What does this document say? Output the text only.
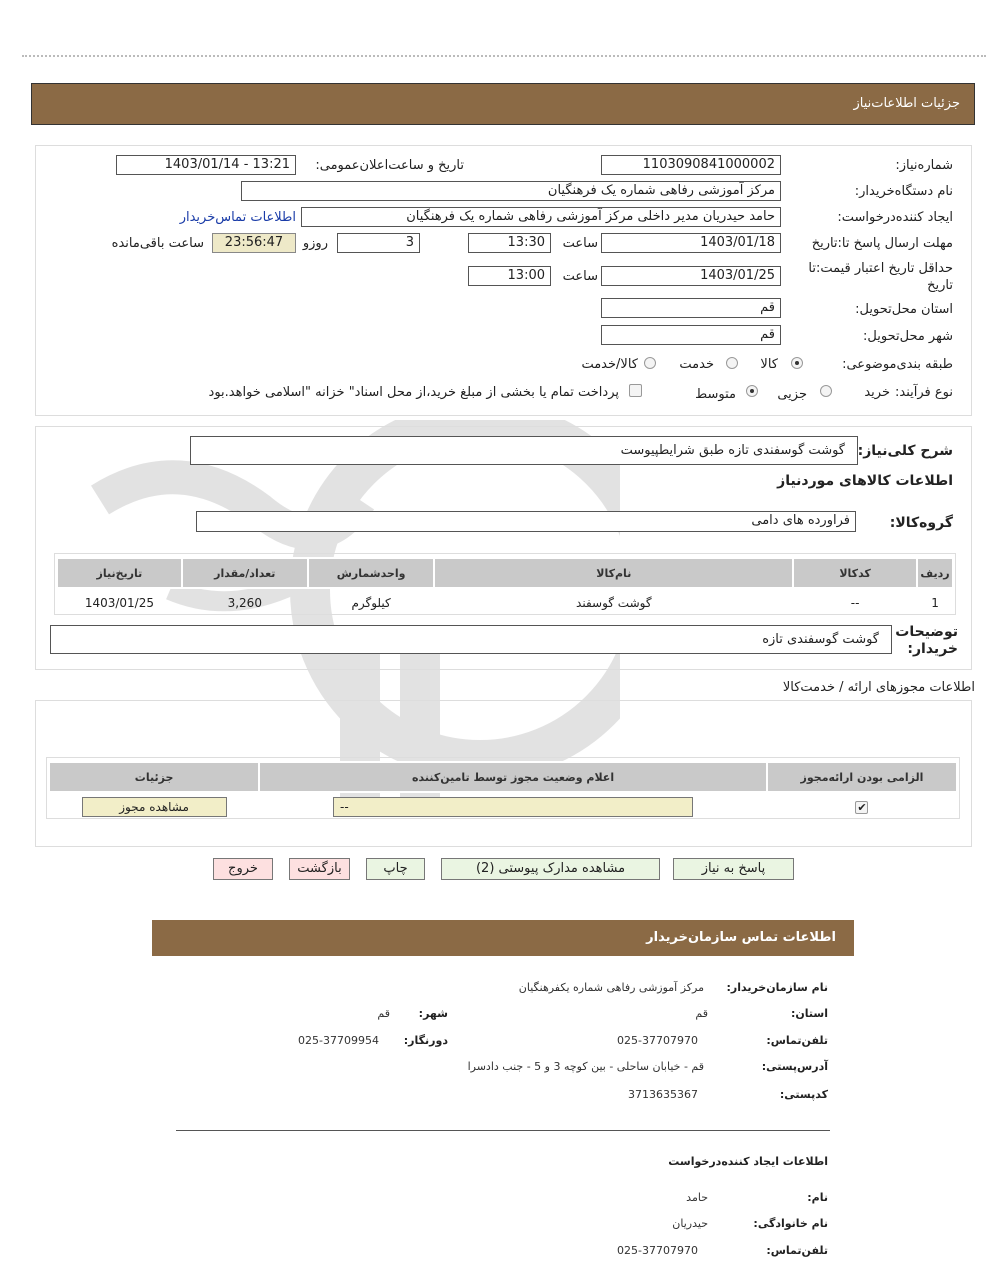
جزئیات اطلاعات‌نیاز
شماره‌نیاز:
1103090841000002
تاریخ و ساعت‌اعلان‌عمومی:
1403/01/14 - 13:21
نام دستگاه‌خریدار:
مرکز آموزشی رفاهی شماره یک فرهنگیان
ایجاد کننده‌درخواست:
حامد حیدریان مدیر داخلی مرکز آموزشی رفاهی شماره یک فرهنگیان
اطلاعات تماس‌خریدار
مهلت ارسال پاسخ تا:تاریخ
1403/01/18
ساعت
13:30
3
روزو
23:56:47
ساعت باقی‌مانده
حداقل تاریخ اعتبار قیمت:تا تاریخ
1403/01/25
ساعت
13:00
استان محل‌تحویل:
قم
شهر محل‌تحویل:
قم
طبقه بندی‌موضوعی:
کالا
خدمت
کالا/خدمت
نوع فرآیند:
خرید
جزیی
متوسط
پرداخت تمام یا بخشی از مبلغ خرید،از محل اسناد" خزانه "اسلامی خواهد.بود
شرح کلی‌نیاز:
گوشت گوسفندی تازه طبق شرایطپیوست
اطلاعات کالاهای موردنیاز
گروه‌کالا:
فراورده های دامی
ردیف	کدکالا	نام‌کالا	واحدشمارش	تعداد/مقدار	تاریخ‌نیاز
1	--	گوشت گوسفند	کیلوگرم	3,260	1403/01/25
توضیحات خریدار:
گوشت گوسفندی تازه
اطلاعات مجوزهای ارائه / خدمت‌کالا
الزامی بودن ارائه‌مجوز	اعلام وضعیت مجوز توسط تامین‌کننده	جزئیات
✔	--	مشاهده مجوز
پاسخ به نیاز
مشاهده مدارک پیوستی (2)
چاپ
بازگشت
خروج
اطلاعات تماس سازمان‌خریدار
نام سازمان‌خریدار:
مرکز آموزشی رفاهی شماره یکفرهنگیان
استان:
قم
شهر:
قم
تلفن‌تماس:
025-37707970
دورنگار:
025-37709954
آدرس‌پستی:
قم - خیابان ساحلی - بین کوچه 3 و 5 - جنب دادسرا
کد‌پستی:
3713635367
اطلاعات ایجاد کننده‌درخواست
نام:
حامد
نام خانوادگی:
حیدریان
تلفن‌تماس:
025-37707970
